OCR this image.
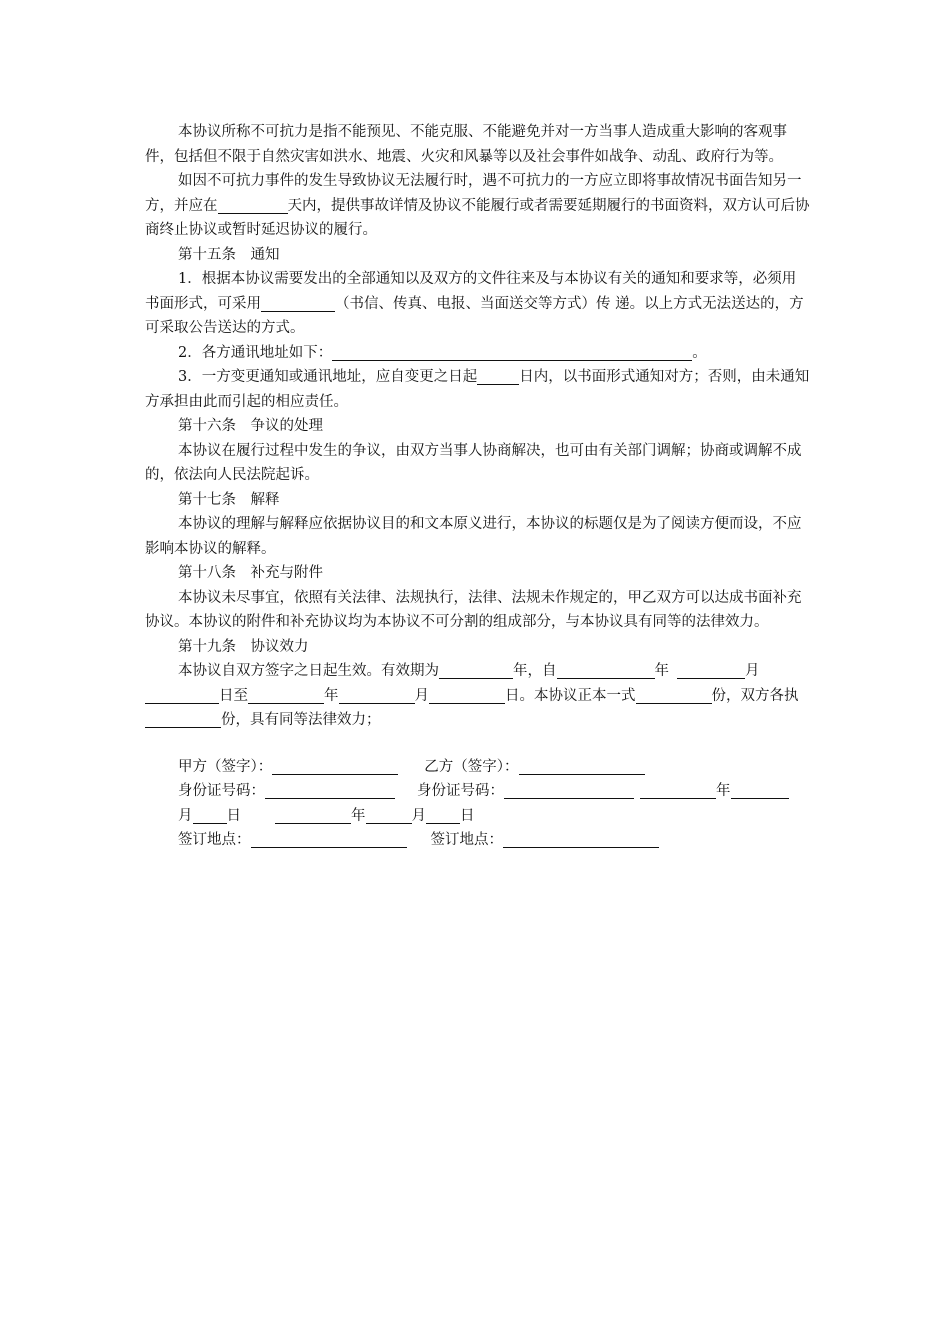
本协议所称不可抗力是指不能预见、不能克服、不能避免并对一方当事人造成重大影响的客观事件，包括但不限于自然灾害如洪水、地震、火灾和风暴等以及社会事件如战争、动乱、政府行为等。

如因不可抗力事件的发生导致协议无法履行时，遇不可抗力的一方应立即将事故情况书面告知另一方，并应在	天内，提供事故详情及协议不能履行或者需要延期履行的书面资料，双方认可后协商终止协议或暂时延迟协议的履行。

第十五条　通知

1．根据本协议需要发出的全部通知以及双方的文件往来及与本协议有关的通知和要求等，必须用书面形式，可采用	（书信、传真、电报、当面送交等方式）传 递。以上方式无法送达的，方可采取公告送达的方式。

2．各方通讯地址如下：	。

3．一方变更通知或通讯地址，应自变更之日起	日内，以书面形式通知对方；否则，由未通知方承担由此而引起的相应责任。

第十六条　争议的处理

本协议在履行过程中发生的争议，由双方当事人协商解决，也可由有关部门调解；协商或调解不成的，依法向人民法院起诉。

第十七条　解释

本协议的理解与解释应依据协议目的和文本原义进行，本协议的标题仅是为了阅读方便而设，不应影响本协议的解释。

第十八条　补充与附件

本协议未尽事宜，依照有关法律、法规执行，法律、法规未作规定的，甲乙双方可以达成书面补充协议。本协议的附件和补充协议均为本协议不可分割的组成部分，与本协议具有同等的法律效力。

第十九条　协议效力

本协议自双方签字之日起生效。有效期为	年，自	年	月日至	年	月	日。本协议正本一式	份，双方各执份，具有同等法律效力；

甲方（签字）：	乙方（签字）：

身份证号码：	身份证号码：	年

月 日	年	月 日

签订地点：	签订地点：
